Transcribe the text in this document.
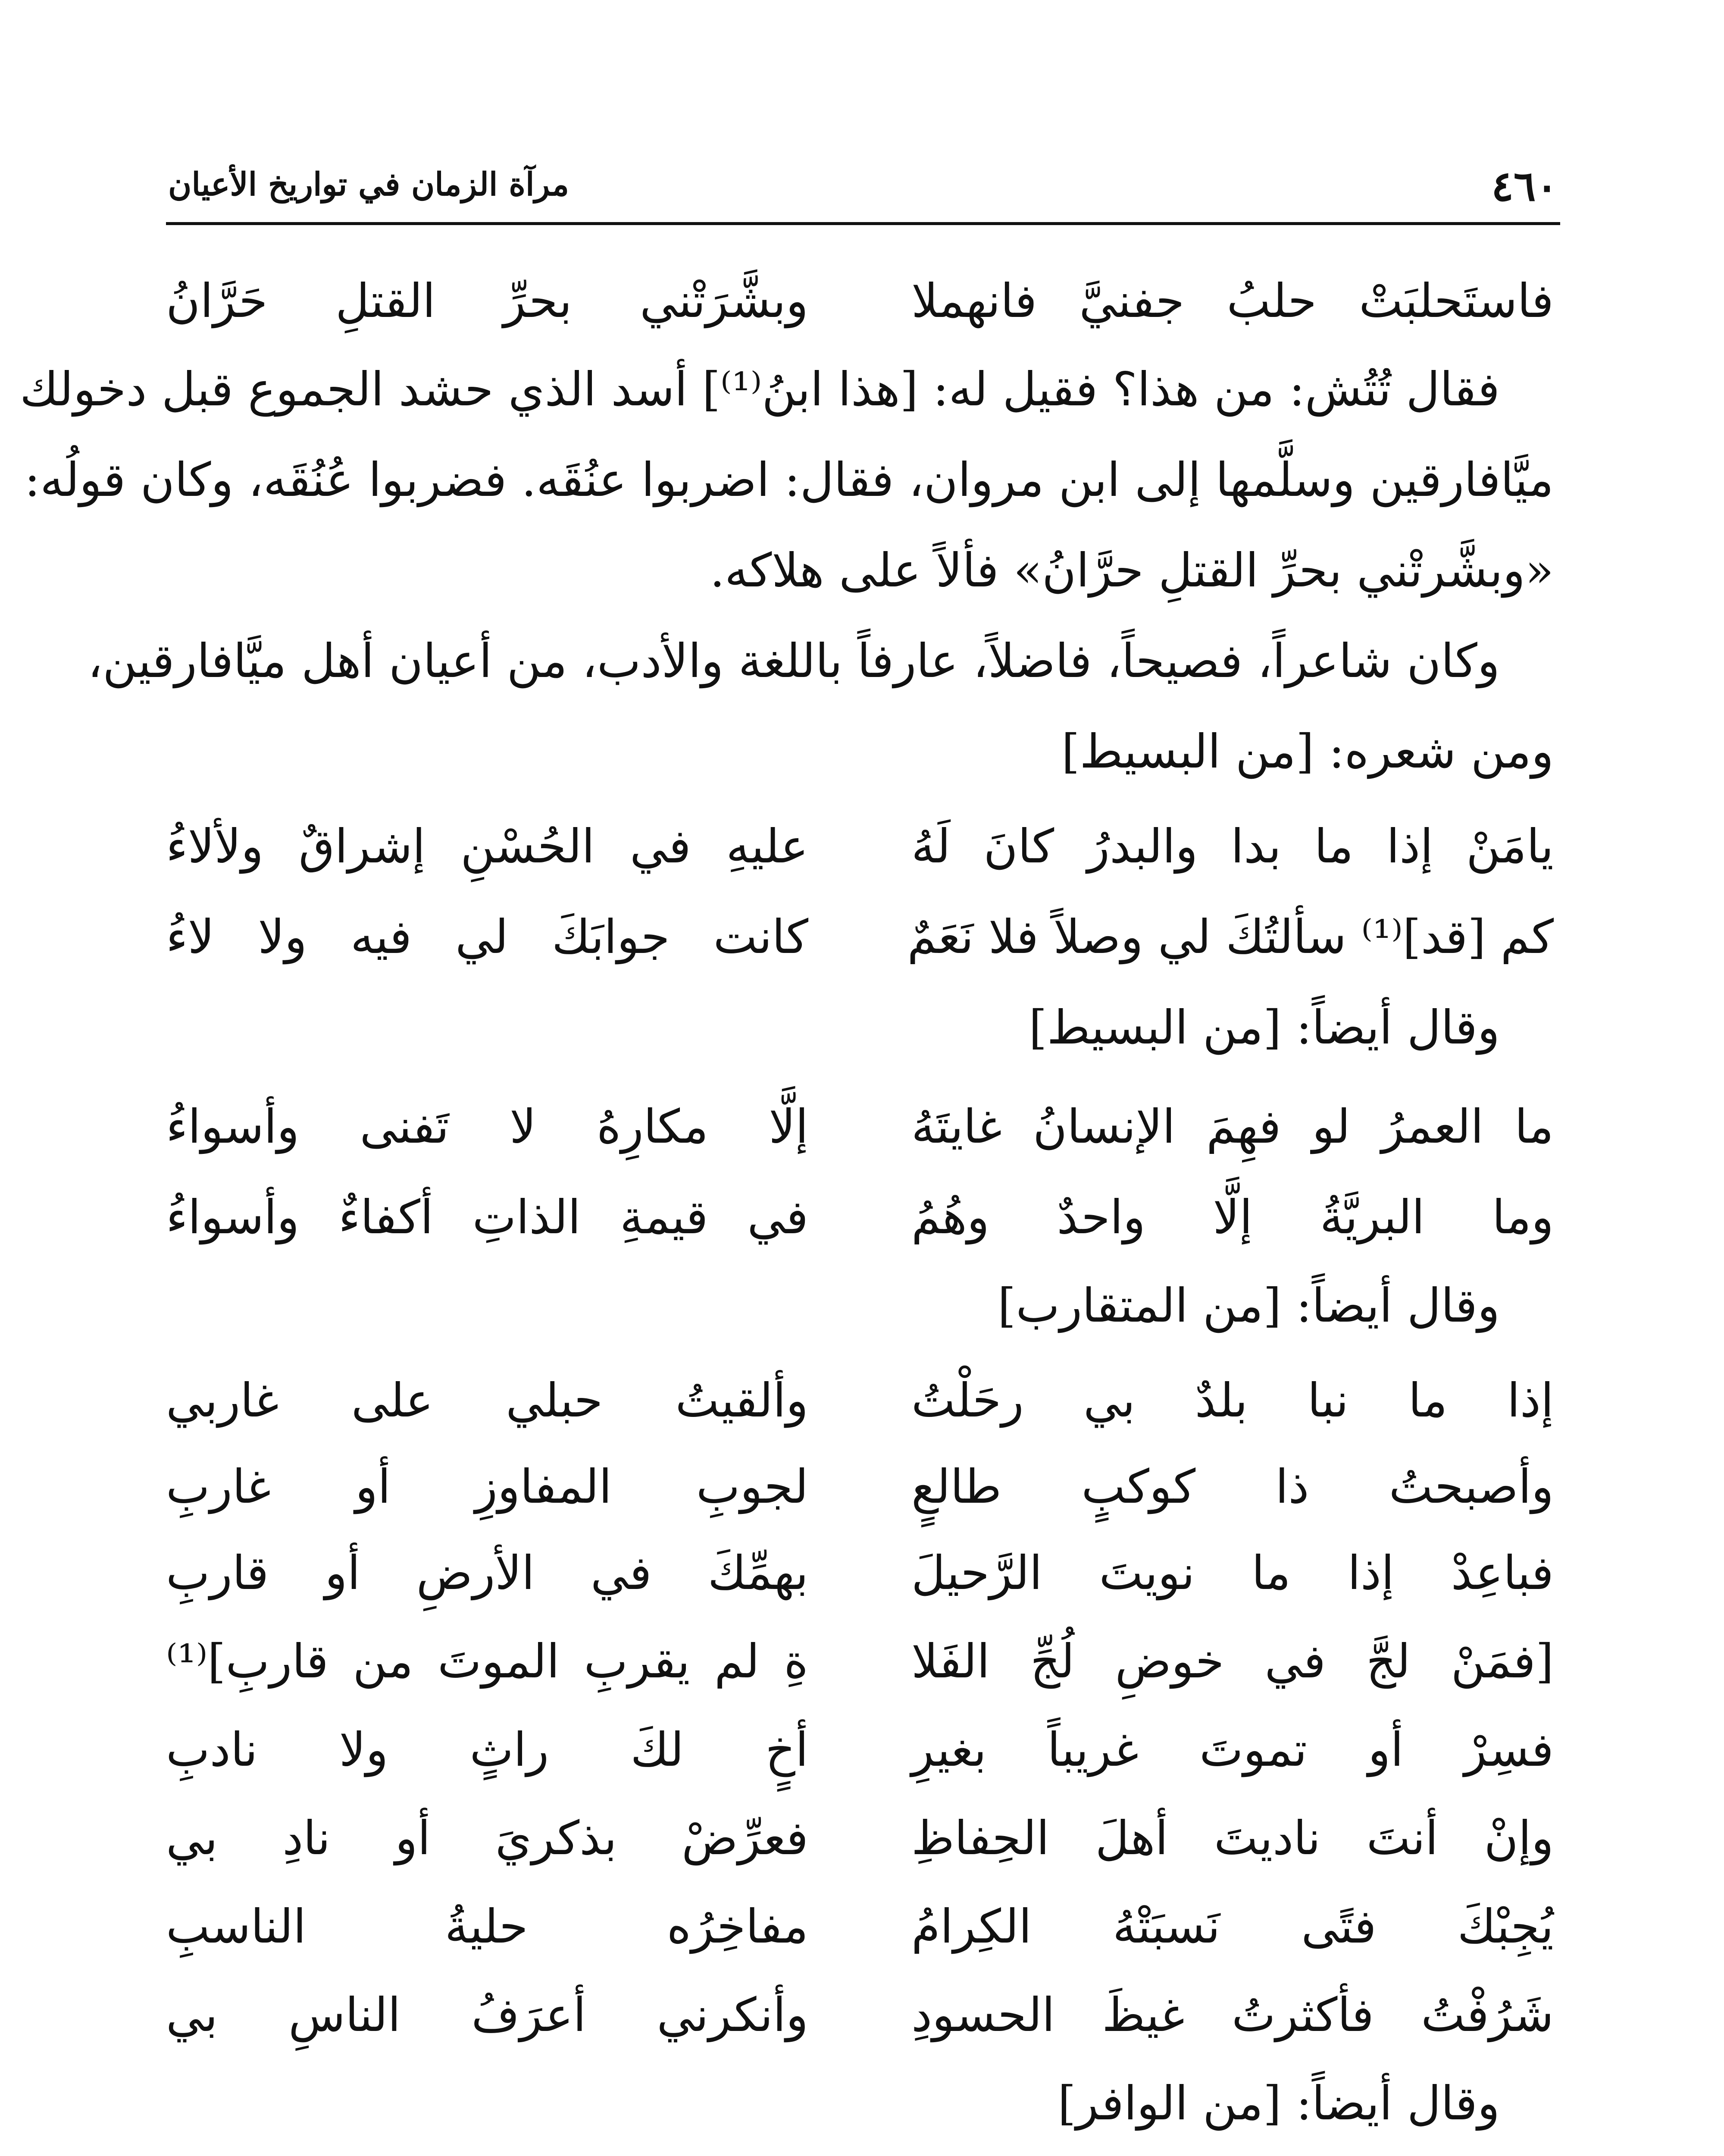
٤٦٠
مرآة الزمان في تواريخ الأعيان
فاستَحلبَتْ حلبُ جفنيَّ فانهملا
وبشَّرَتْني بحرِّ القتلِ حَرَّانُ
فقال تُتُش: من هذا؟ فقيل له: [هذا ابنُ⁽¹⁾] أسد الذي حشد الجموع قبل دخولك
ميَّافارقين وسلَّمها إلى ابن مروان، فقال: اضربوا عنُقَه. فضربوا عُنُقَه، وكان قولُه:
«وبشَّرتْني بحرِّ القتلِ حرَّانُ» فألاً على هلاكه.
وكان شاعراً، فصيحاً، فاضلاً، عارفاً باللغة والأدب، من أعيان أهل ميَّافارقين،
ومن شعره: [من البسيط]
يامَنْ إذا ما بدا والبدرُ كانَ لَهُ
عليهِ في الحُسْنِ إشراقٌ ولألاءُ
كم [قد]⁽¹⁾ سألتُكَ لي وصلاً فلا نَعَمٌ
كانت جوابَكَ لي فيه ولا لاءُ
وقال أيضاً: [من البسيط]
ما العمرُ لو فهِمَ الإنسانُ غايتَهُ
إلَّا مكارِهُ لا تَفنى وأسواءُ
وما البريَّةُ إلَّا واحدٌ وهُمُ
في قيمةِ الذاتِ أكفاءٌ وأسواءُ
وقال أيضاً: [من المتقارب]
إذا ما نبا بلدٌ بي رحَلْتُ
وألقيتُ حبلي على غاربي
وأصبحتُ ذا كوكبٍ طالعٍ
لجوبِ المفاوزِ أو غاربِ
فباعِدْ إذا ما نويتَ الرَّحيلَ
بهمِّكَ في الأرضِ أو قاربِ
[فمَنْ لجَّ في خوضِ لُجِّ الفَلا
ةِ لم يقربِ الموتَ من قاربِ]⁽¹⁾
فسِرْ أو تموتَ غريباً بغيرِ
أخٍ لكَ راثٍ ولا نادبِ
وإنْ أنتَ ناديتَ أهلَ الحِفاظِ
فعرِّضْ بذكريَ أو نادِ بي
يُجِبْكَ فتًى نَسبَتْهُ الكِرامُ
مفاخِرُه حليةُ الناسبِ
شَرُفْتُ فأكثرتُ غيظَ الحسودِ
وأنكرني أعرَفُ الناسِ بي
وقال أيضاً: [من الوافر]
